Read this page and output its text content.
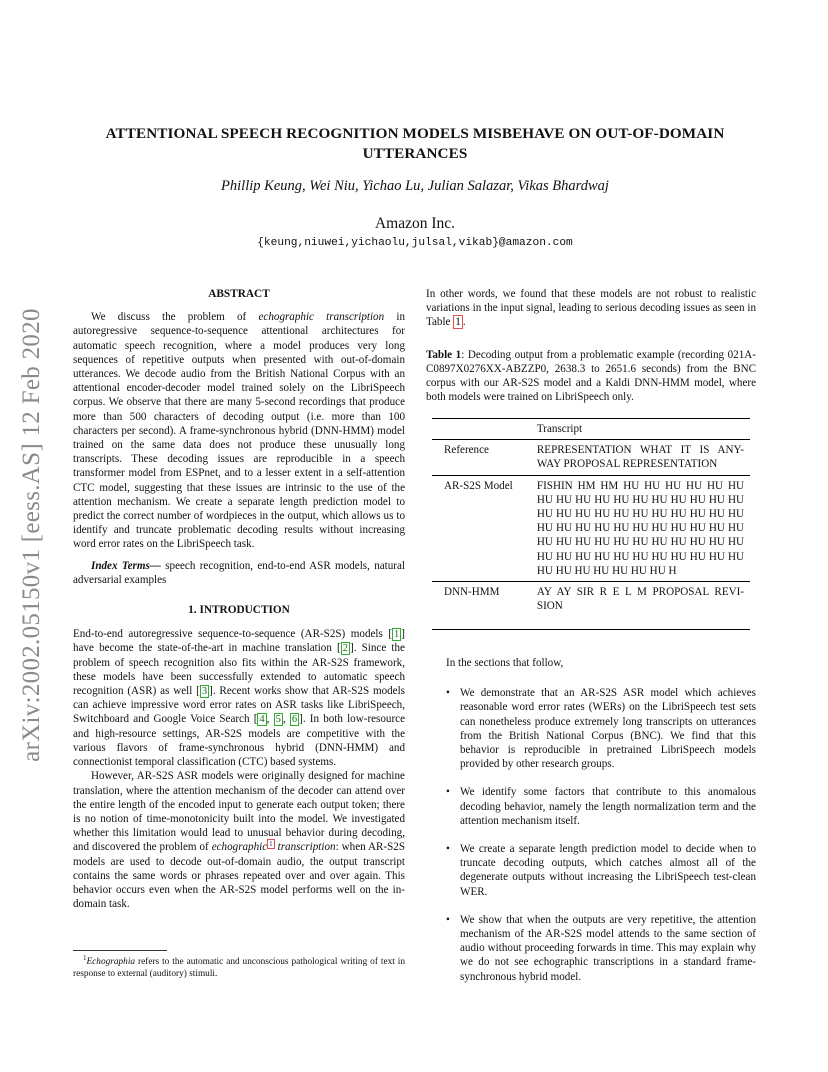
ATTENTIONAL SPEECH RECOGNITION MODELS MISBEHAVE ON OUT-OF-DOMAIN UTTERANCES
Phillip Keung, Wei Niu, Yichao Lu, Julian Salazar, Vikas Bhardwaj
Amazon Inc.
{keung,niuwei,yichaolu,julsal,vikab}@amazon.com
arXiv:2002.05150v1 [eess.AS] 12 Feb 2020
ABSTRACT

We discuss the problem of echographic transcription in autoregressive sequence-to-sequence attentional architectures for automatic speech recognition, where a model produces very long sequences of repetitive outputs when presented with out-of-domain utterances. We decode audio from the British National Corpus with an attentional encoder-decoder model trained solely on the LibriSpeech corpus. We observe that there are many 5-second recordings that produce more than 500 characters of decoding output (i.e. more than 100 characters per second). A frame-synchronous hybrid (DNN-HMM) model trained on the same data does not produce these unusually long transcripts. These decoding issues are reproducible in a speech transformer model from ESPnet, and to a lesser extent in a self-attention CTC model, suggesting that these issues are intrinsic to the use of the attention mechanism. We create a separate length prediction model to predict the correct number of wordpieces in the output, which allows us to identify and truncate problematic decoding results without increasing word error rates on the LibriSpeech task.

Index Terms— speech recognition, end-to-end ASR models, natural adversarial examples

1. INTRODUCTION

End-to-end autoregressive sequence-to-sequence (AR-S2S) models [ 1 ] have become the state-of-the-art in machine translation [ 2 ]. Since the problem of speech recognition also fits within the AR-S2S framework, these models have been successfully extended to automatic speech recognition (ASR) as well [ 3 ]. Recent works show that AR-S2S models can achieve impressive word error rates on ASR tasks like LibriSpeech, Switchboard and Google Voice Search [ 4 , 5 , 6 ]. In both low-resource and high-resource settings, AR-S2S models are competitive with the various flavors of frame-synchronous hybrid (DNN-HMM) and connectionist temporal classification (CTC) based systems.

However, AR-S2S ASR models were originally designed for machine translation, where the attention mechanism of the decoder can attend over the entire length of the encoded input to generate each output token; there is no notion of time-monotonicity built into the model. We investigated whether this limitation would lead to unusual behavior during decoding, and discovered the problem of echographic $^1$ transcription: when AR-S2S models are used to decode out-of-domain audio, the output transcript contains the same words or phrases repeated over and over again. This behavior occurs even when the AR-S2S model performs well on the in-domain task.

$^1$Echographia refers to the automatic and unconscious pathological writing of text in response to external (auditory) stimuli.

In other words, we found that these models are not robust to realistic variations in the input signal, leading to serious decoding issues as seen in Table 1 .

Table 1: Decoding output from a problematic example (recording 021A-C0897X0276XX-ABZZP0, 2638.3 to 2651.6 seconds) from the BNC corpus with our AR-S2S model and a Kaldi DNN-HMM model, where both models were trained on LibriSpeech only.

	Transcript
Reference	REPRESENTATION WHAT IT IS ANY-WAY PROPOSAL REPRESENTATION
AR-S2S Model	FISHIN HM HM HU HU HU HU HU HU HU HU HU HU HU HU HU HU HU HU HU HU HU HU HU HU HU HU HU HU HU HU HU HU HU HU HU HU HU HU HU HU HU HU HU HU HU HU HU HU HU HU HU HU HU HU HU HU HU HU HU HU HU HU HU HU HU HU HU HU HU HU H
DNN-HMM	AY AY SIR R E L M PROPOSAL REVI-SION

In the sections that follow,

• We demonstrate that an AR-S2S ASR model which achieves reasonable word error rates (WERs) on the LibriSpeech test sets can nonetheless produce extremely long transcripts on utterances from the British National Corpus (BNC). We find that this behavior is reproducible in pretrained LibriSpeech models provided by other research groups.
• We identify some factors that contribute to this anomalous decoding behavior, namely the length normalization term and the attention mechanism itself.
• We create a separate length prediction model to decide when to truncate decoding outputs, which catches almost all of the degenerate outputs without increasing the LibriSpeech test-clean WER.
• We show that when the outputs are very repetitive, the attention mechanism of the AR-S2S model attends to the same section of audio without proceeding forwards in time. This may explain why we do not see echographic transcriptions in a standard frame-synchronous hybrid model.
